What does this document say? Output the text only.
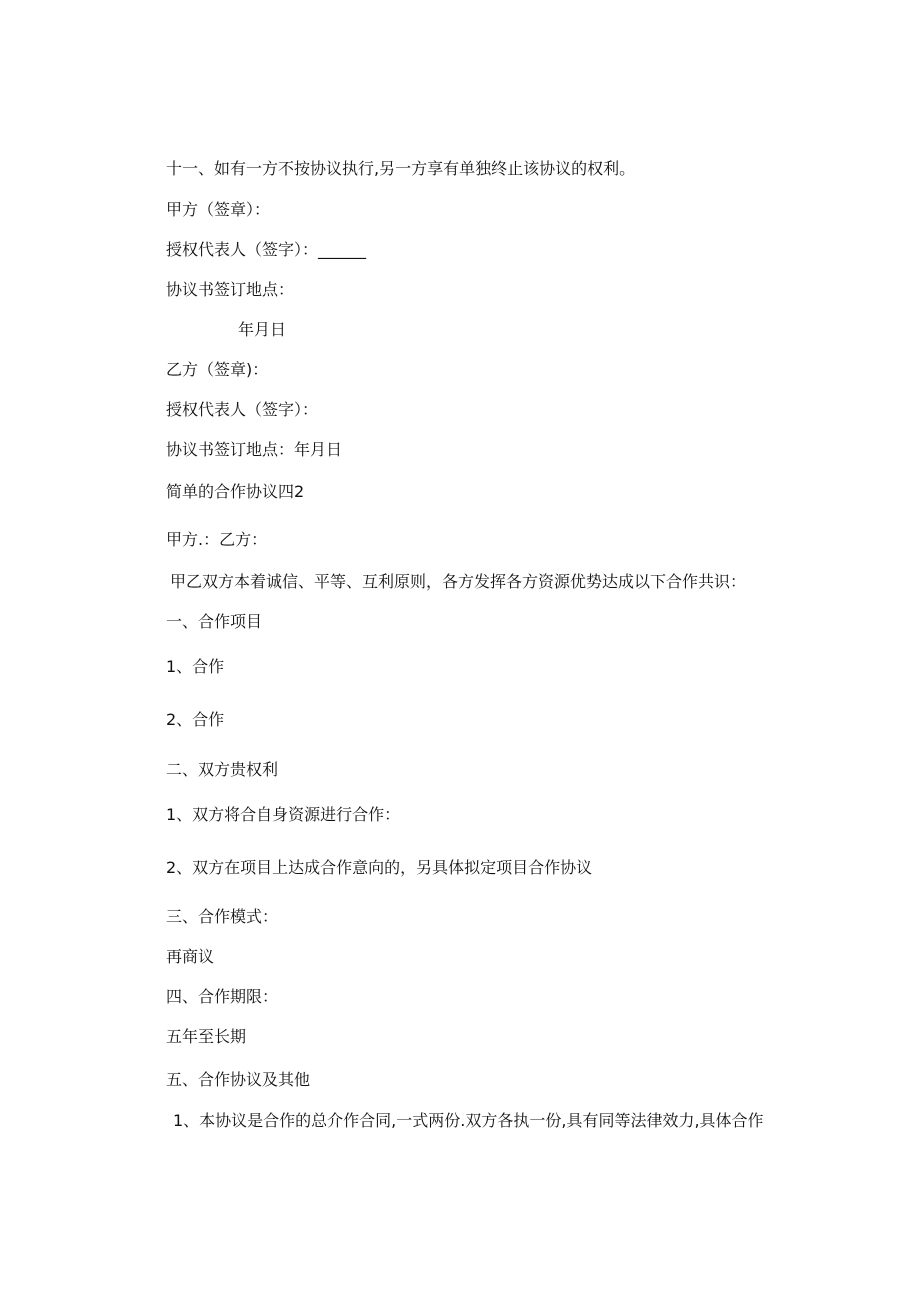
十一、如有一方不按协议执行,另一方享有单独终止该协议的权利。
甲方（签章）：
授权代表人（签字）：______
协议书签订地点：
年月日
乙方（签章)：
授权代表人（签字）：
协议书签订地点：年月日
简单的合作协议四2
甲方.：乙方：
甲乙双方本着诚信、平等、互利原则，各方发挥各方资源优势达成以下合作共识：
一、合作项目
1、合作
2、合作
二、双方贵权利
1、双方将合自身资源进行合作：
2、双方在项目上达成合作意向的，另具体拟定项目合作协议
三、合作模式：
再商议
四、合作期限：
五年至长期
五、合作协议及其他
1、本协议是合作的总介作合同,一式两份.双方各执一份,具有同等法律效力,具体合作
